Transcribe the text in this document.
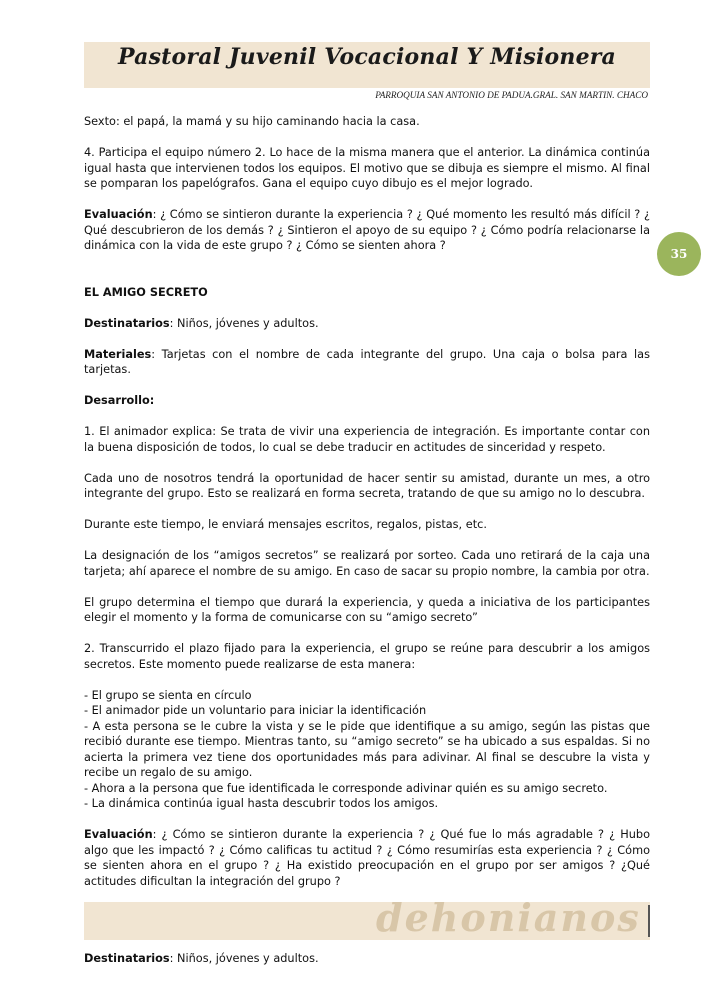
Pastoral Juvenil Vocacional Y Misionera
PARROQUIA SAN ANTONIO DE PADUA.GRAL. SAN MARTIN. CHACO
35

Sexto: el papá, la mamá y su hijo caminando hacia la casa.

4. Participa el equipo número 2. Lo hace de la misma manera que el anterior. La dinámica continúa igual hasta que intervienen todos los equipos. El motivo que se dibuja es siempre el mismo. Al final se pomparan los papelógrafos. Gana el equipo cuyo dibujo es el mejor logrado.

Evaluación: ¿ Cómo se sintieron durante la experiencia ? ¿ Qué momento les resultó más difícil ? ¿ Qué descubrieron de los demás ? ¿ Sintieron el apoyo de su equipo ? ¿ Cómo podría relacionarse la dinámica con la vida de este grupo ? ¿ Cómo se sienten ahora ?

EL AMIGO SECRETO

Destinatarios: Niños, jóvenes y adultos.

Materiales: Tarjetas con el nombre de cada integrante del grupo. Una caja o bolsa para las tarjetas.

Desarrollo:

1. El animador explica: Se trata de vivir una experiencia de integración. Es importante contar con la buena disposición de todos, lo cual se debe traducir en actitudes de sinceridad y respeto.

Cada uno de nosotros tendrá la oportunidad de hacer sentir su amistad, durante un mes, a otro integrante del grupo. Esto se realizará en forma secreta, tratando de que su amigo no lo descubra.

Durante este tiempo, le enviará mensajes escritos, regalos, pistas, etc.

La designación de los “amigos secretos” se realizará por sorteo. Cada uno retirará de la caja una tarjeta; ahí aparece el nombre de su amigo. En caso de sacar su propio nombre, la cambia por otra.

El grupo determina el tiempo que durará la experiencia, y queda a iniciativa de los participantes elegir el momento y la forma de comunicarse con su “amigo secreto”

2. Transcurrido el plazo fijado para la experiencia, el grupo se reúne para descubrir a los amigos secretos. Este momento puede realizarse de esta manera:

- El grupo se sienta en círculo

- El animador pide un voluntario para iniciar la identificación

- A esta persona se le cubre la vista y se le pide que identifique a su amigo, según las pistas que recibió durante ese tiempo. Mientras tanto, su “amigo secreto” se ha ubicado a sus espaldas. Si no acierta la primera vez tiene dos oportunidades más para adivinar. Al final se descubre la vista y recibe un regalo de su amigo.

- Ahora a la persona que fue identificada le corresponde adivinar quién es su amigo secreto.

- La dinámica continúa igual hasta descubrir todos los amigos.

Evaluación: ¿ Cómo se sintieron durante la experiencia ? ¿ Qué fue lo más agradable ? ¿ Hubo algo que les impactó ? ¿ Cómo calificas tu actitud ? ¿ Cómo resumirías esta experiencia ? ¿ Cómo se sienten ahora en el grupo ? ¿ Ha existido preocupación en el grupo por ser amigos ? ¿Qué actitudes dificultan la integración del grupo ?

Destinatarios: Niños, jóvenes y adultos.

dehonianos
